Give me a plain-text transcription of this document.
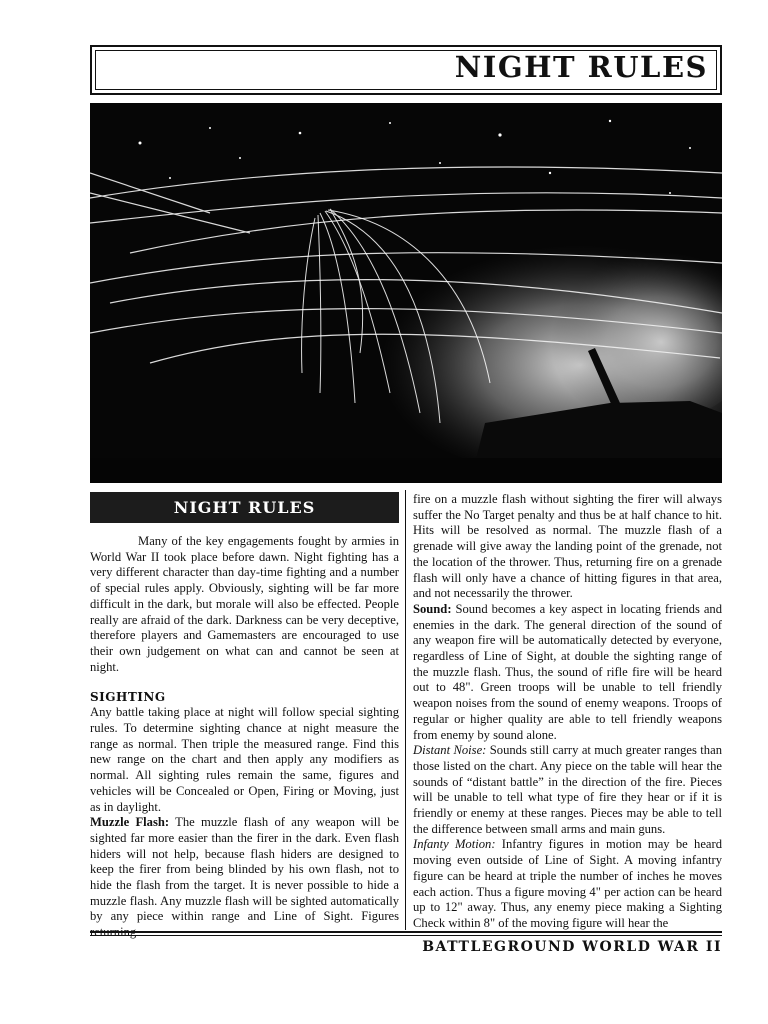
NIGHT RULES
NIGHT RULES

Many of the key engagements fought by armies in World War II took place before dawn. Night fighting has a very different character than day-time fighting and a number of special rules apply. Obviously, sighting will be far more difficult in the dark, but morale will also be effected. People really are afraid of the dark. Darkness can be very deceptive, therefore players and Gamemasters are encouraged to use their own judgement on what can and cannot be seen at night.

SIGHTING

Any battle taking place at night will follow special sighting rules. To determine sighting chance at night measure the range as normal. Then triple the measured range. Find this new range on the chart and then apply any modifiers as normal. All sighting rules remain the same, figures and vehicles will be Concealed or Open, Firing or Moving, just as in daylight.

Muzzle Flash: The muzzle flash of any weapon will be sighted far more easier than the firer in the dark. Even flash hiders will not help, because flash hiders are designed to keep the firer from being blinded by his own flash, not to hide the flash from the target. It is never possible to hide a muzzle flash. Any muzzle flash will be sighted automatically by any piece within range and Line of Sight. Figures

fire on a muzzle flash without sighting the firer will always suffer the No Target penalty and thus be at half chance to hit. Hits will be resolved as normal. The muzzle flash of a grenade will give away the landing point of the grenade, not the location of the thrower. Thus, returning fire on a grenade flash will only have a chance of hitting figures in that area, and not necessarily the thrower.

Sound: Sound becomes a key aspect in locating friends and enemies in the dark. The general direction of the sound of any weapon fire will be automatically detected by everyone, regardless of Line of Sight, at double the sighting range of the muzzle flash. Thus, the sound of rifle fire will be heard out to 48". Green troops will be unable to tell friendly weapon noises from the sound of enemy weapons. Troops of regular or higher quality are able to tell friendly weapons from enemy by sound alone.

Distant Noise: Sounds still carry at much greater ranges than those listed on the chart. Any piece on the table will hear the sounds of “distant battle” in the direction of the fire. Pieces will be unable to tell what type of fire they hear or if it is friendly or enemy at these ranges. Pieces may be able to tell the difference between small arms and main guns.

Infanty Motion: Infantry figures in motion may be heard moving even outside of Line of Sight. A moving infantry figure can be heard at triple the number of inches he moves each action. Thus a figure moving 4" per action can be heard up to 12" away. Thus, any enemy piece making a Sighting Check within 8" of the moving figure will hear the

BATTLEGROUND WORLD WAR II
